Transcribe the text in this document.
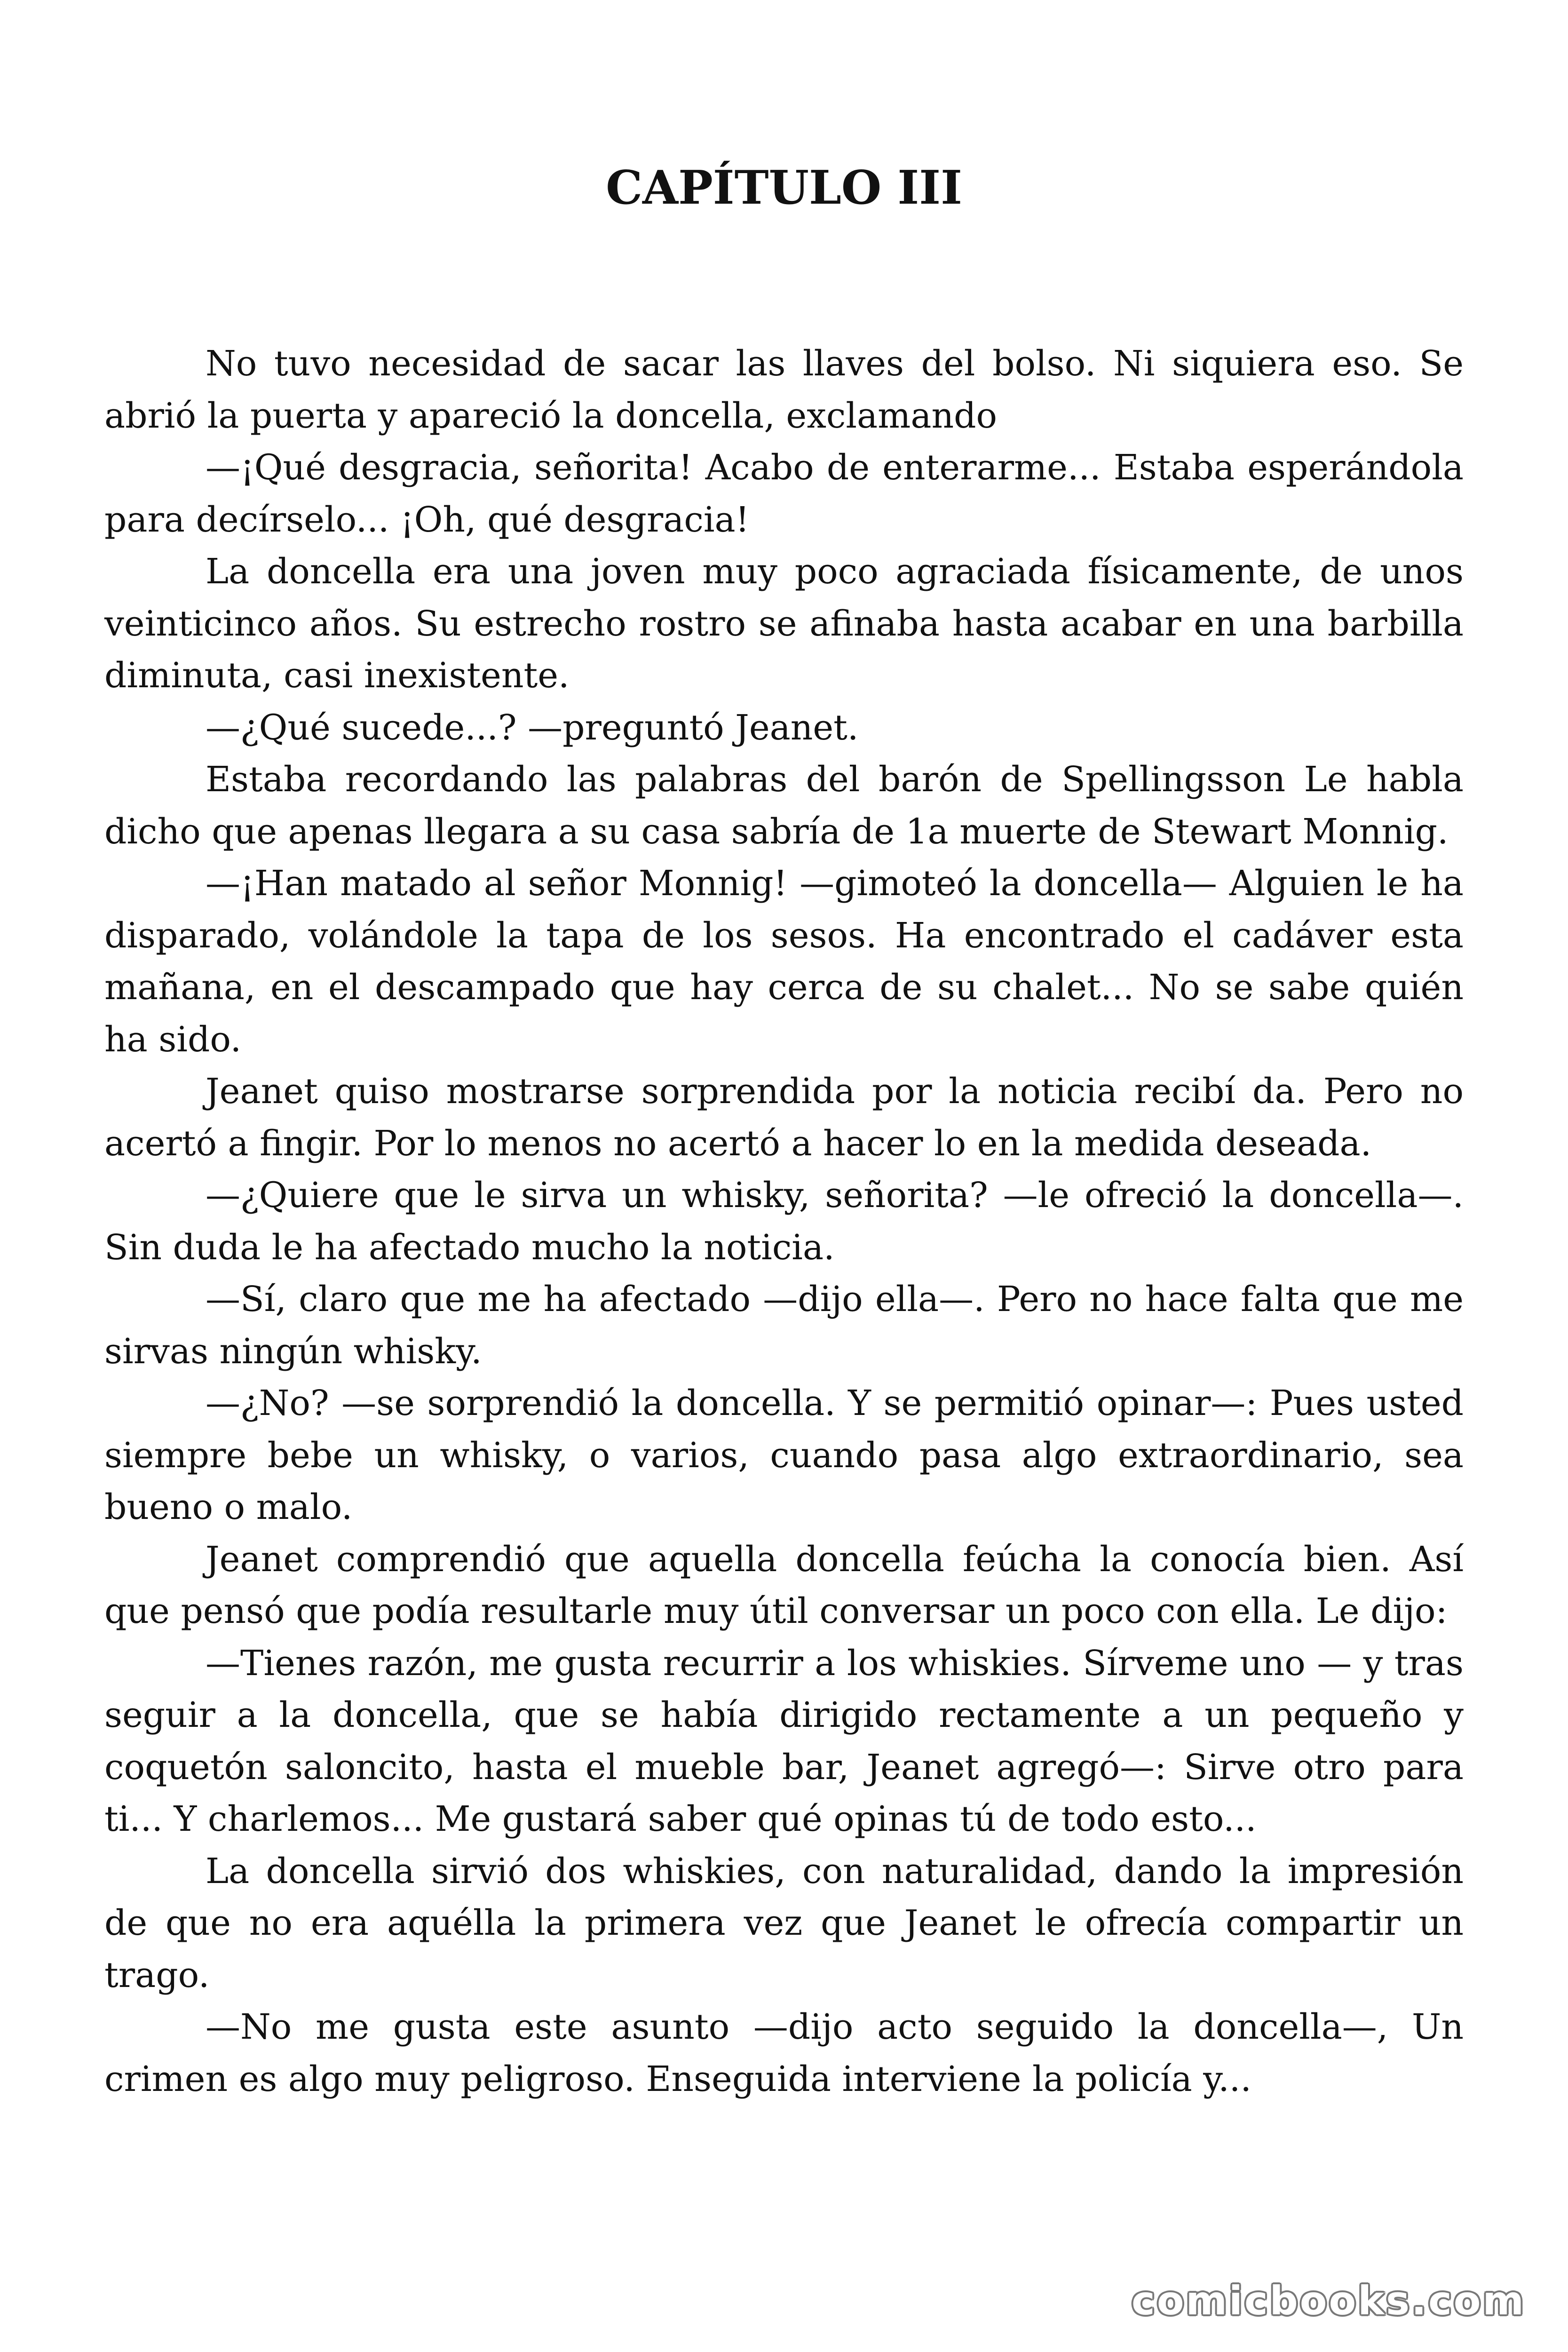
CAPÍTULO III

No tuvo necesidad de sacar las llaves del bolso. Ni siquiera eso. Se abrió la puerta y apareció la doncella, exclamando

—¡Qué desgracia, señorita! Acabo de enterarme... Estaba esperándola para decírselo... ¡Oh, qué desgracia!

La doncella era una joven muy poco agraciada físicamente, de unos veinticinco años. Su estrecho rostro se afinaba hasta acabar en una barbilla diminuta, casi inexistente.

—¿Qué sucede...? —preguntó Jeanet.

Estaba recordando las palabras del barón de Spellingsson Le habla dicho que apenas llegara a su casa sabría de 1a muerte de Stewart Monnig.

—¡Han matado al señor Monnig! —gimoteó la doncella— Alguien le ha disparado, volándole la tapa de los sesos. Ha encontrado el cadáver esta mañana, en el descampado que hay cerca de su chalet... No se sabe quién ha sido.

Jeanet quiso mostrarse sorprendida por la noticia recibí da. Pero no acertó a fingir. Por lo menos no acertó a hacer lo en la medida deseada.

—¿Quiere que le sirva un whisky, señorita? —le ofreció la doncella—. Sin duda le ha afectado mucho la noticia.

—Sí, claro que me ha afectado —dijo ella—. Pero no hace falta que me sirvas ningún whisky.

—¿No? —se sorprendió la doncella. Y se permitió opinar—: Pues usted siempre bebe un whisky, o varios, cuando pasa algo extraordinario, sea bueno o malo.

Jeanet comprendió que aquella doncella feúcha la conocía bien. Así que pensó que podía resultarle muy útil conversar un poco con ella. Le dijo:

—Tienes razón, me gusta recurrir a los whiskies. Sírveme uno — y tras seguir a la doncella, que se había dirigido rectamente a un pequeño y coquetón saloncito, hasta el mueble bar, Jeanet agregó—: Sirve otro para ti... Y charlemos... Me gustará saber qué opinas tú de todo esto...

La doncella sirvió dos whiskies, con naturalidad, dando la impresión de que no era aquélla la primera vez que Jeanet le ofrecía compartir un trago.

—No me gusta este asunto —dijo acto seguido la doncella—, Un crimen es algo muy peligroso. Enseguida interviene la policía y...

comicbooks.com
